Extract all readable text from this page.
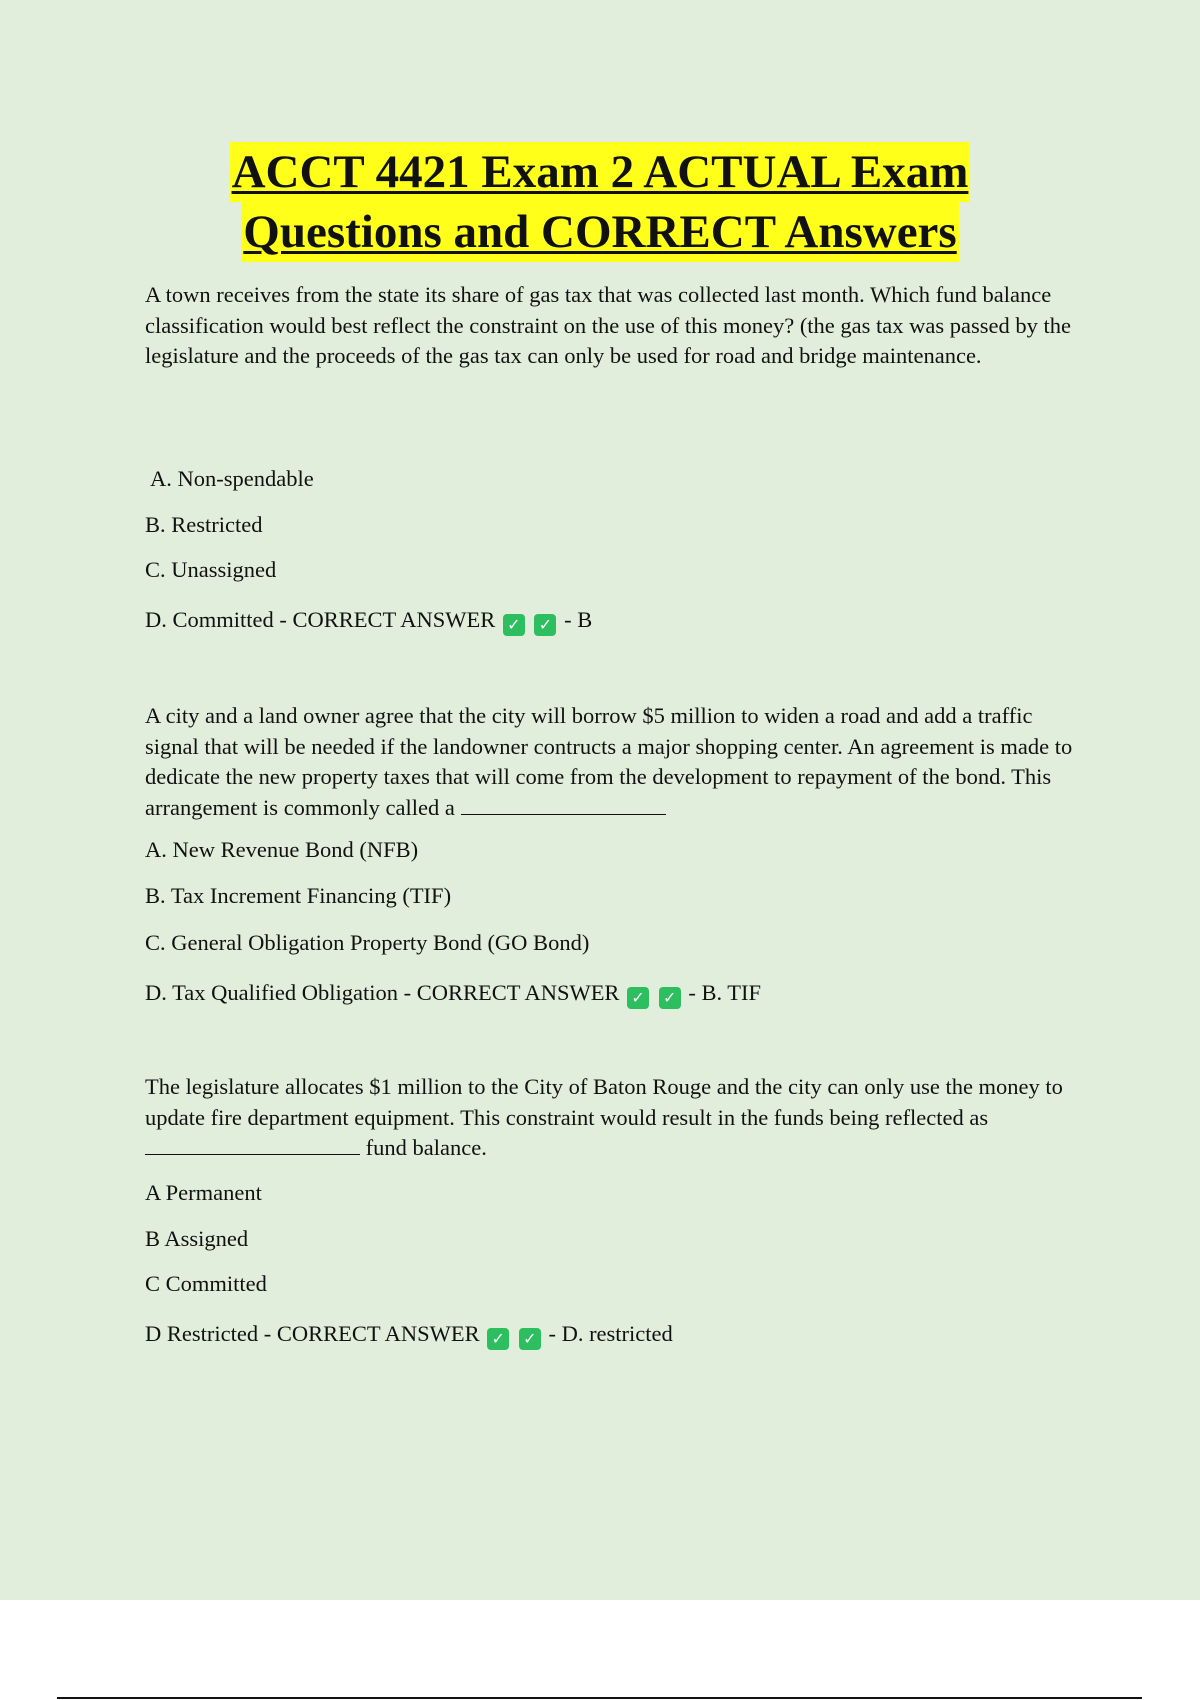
ACCT 4421 Exam 2 ACTUAL Exam
Questions and CORRECT Answers

A town receives from the state its share of gas tax that was collected last month. Which fund balance classification would best reflect the constraint on the use of this money? (the gas tax was passed by the legislature and the proceeds of the gas tax can only be used for road and bridge maintenance.

A. Non-spendable
B. Restricted
C. Unassigned
D. Committed - CORRECT ANSWER ✓ ✓ - B

A city and a land owner agree that the city will borrow $5 million to widen a road and add a traffic signal that will be needed if the landowner contructs a major shopping center. An agreement is made to dedicate the new property taxes that will come from the development to repayment of the bond. This arrangement is commonly called a

A. New Revenue Bond (NFB)
B. Tax Increment Financing (TIF)
C. General Obligation Property Bond (GO Bond)
D. Tax Qualified Obligation - CORRECT ANSWER ✓ ✓ - B. TIF

The legislature allocates $1 million to the City of Baton Rouge and the city can only use the money to update fire department equipment. This constraint would result in the funds being reflected as  fund balance.

A Permanent
B Assigned
C Committed
D Restricted - CORRECT ANSWER ✓ ✓ - D. restricted
